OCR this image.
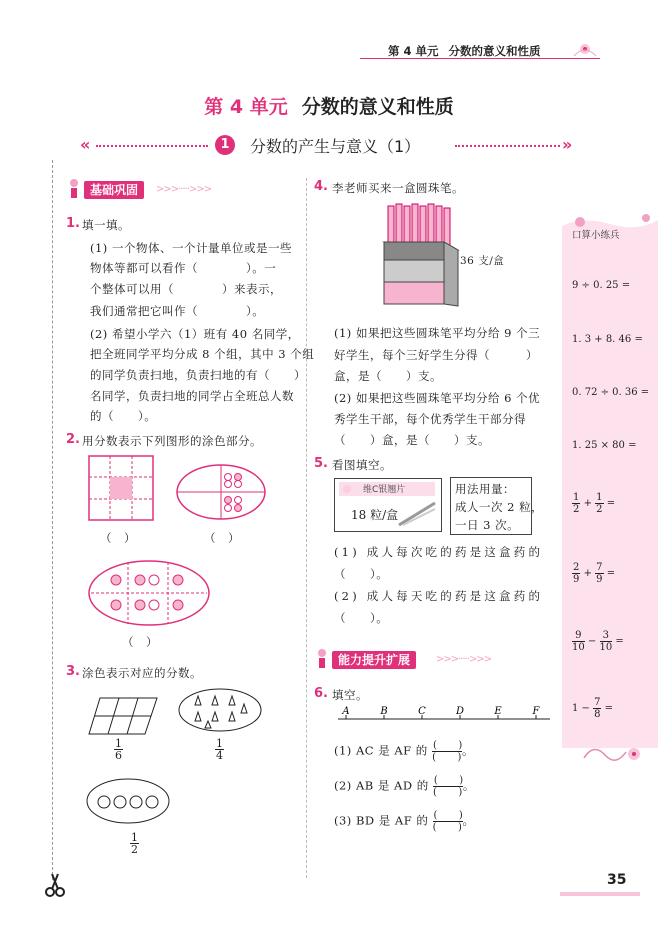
第 4 单元 分数的意义和性质
第 4 单元 分数的意义和性质
«	1	分数的产生与意义（1）	»
基础巩固	>>>·····>>>
1. 填一填。
(1) 一个物体、一个计量单位或是一些
物体等都可以看作（　　　　）。一
个整体可以用（　　　　）来表示，
我们通常把它叫作（　　　　）。
(2) 希望小学六（1）班有 40 名同学，
把全班同学平均分成 8 个组，其中 3 个组
的同学负责扫地，负责扫地的有（　　）
名同学，负责扫地的同学占全班总人数
的（　　）。
2. 用分数表示下列图形的涂色部分。
（　）	（　）
（　）
3. 涂色表示对应的分数。
$\frac{1}{6}$	$\frac{1}{4}$
$\frac{1}{2}$
4. 李老师买来一盒圆珠笔。
36 支/盒
(1) 如果把这些圆珠笔平均分给 9 个三
好学生，每个三好学生分得（　　　）
盒，是（　　）支。
(2) 如果把这些圆珠笔平均分给 6 个优
秀学生干部，每个优秀学生干部分得
（　　）盒，是（　　）支。
5. 看图填空。
维C银翘片
18 粒/盒
用法用量：
成人一次 2 粒，
一日 3 次。
(1) 成人每次吃的药是这盒药的
（　　）。
(2) 成人每天吃的药是这盒药的
（　　）。
能力提升扩展	>>>·····>>>
6. 填空。
A	B	C	D	E	F
(1) AC 是 AF 的 $\frac{( )}{( )}$ 。
(2) AB 是 AD 的 $\frac{( )}{( )}$ 。
(3) BD 是 AF 的 $\frac{( )}{( )}$ 。
口算小练兵
9 ÷ 0. 25 =
1. 3 + 8. 46 =
0. 72 ÷ 0. 36 =
1. 25 × 80 =
$\frac{1}{2} + \frac{1}{2}$ =
$\frac{2}{9} + \frac{7}{9}$ =
$\frac{9}{10} - \frac{3}{10}$ =
$1 - \frac{7}{8}$ =
35
